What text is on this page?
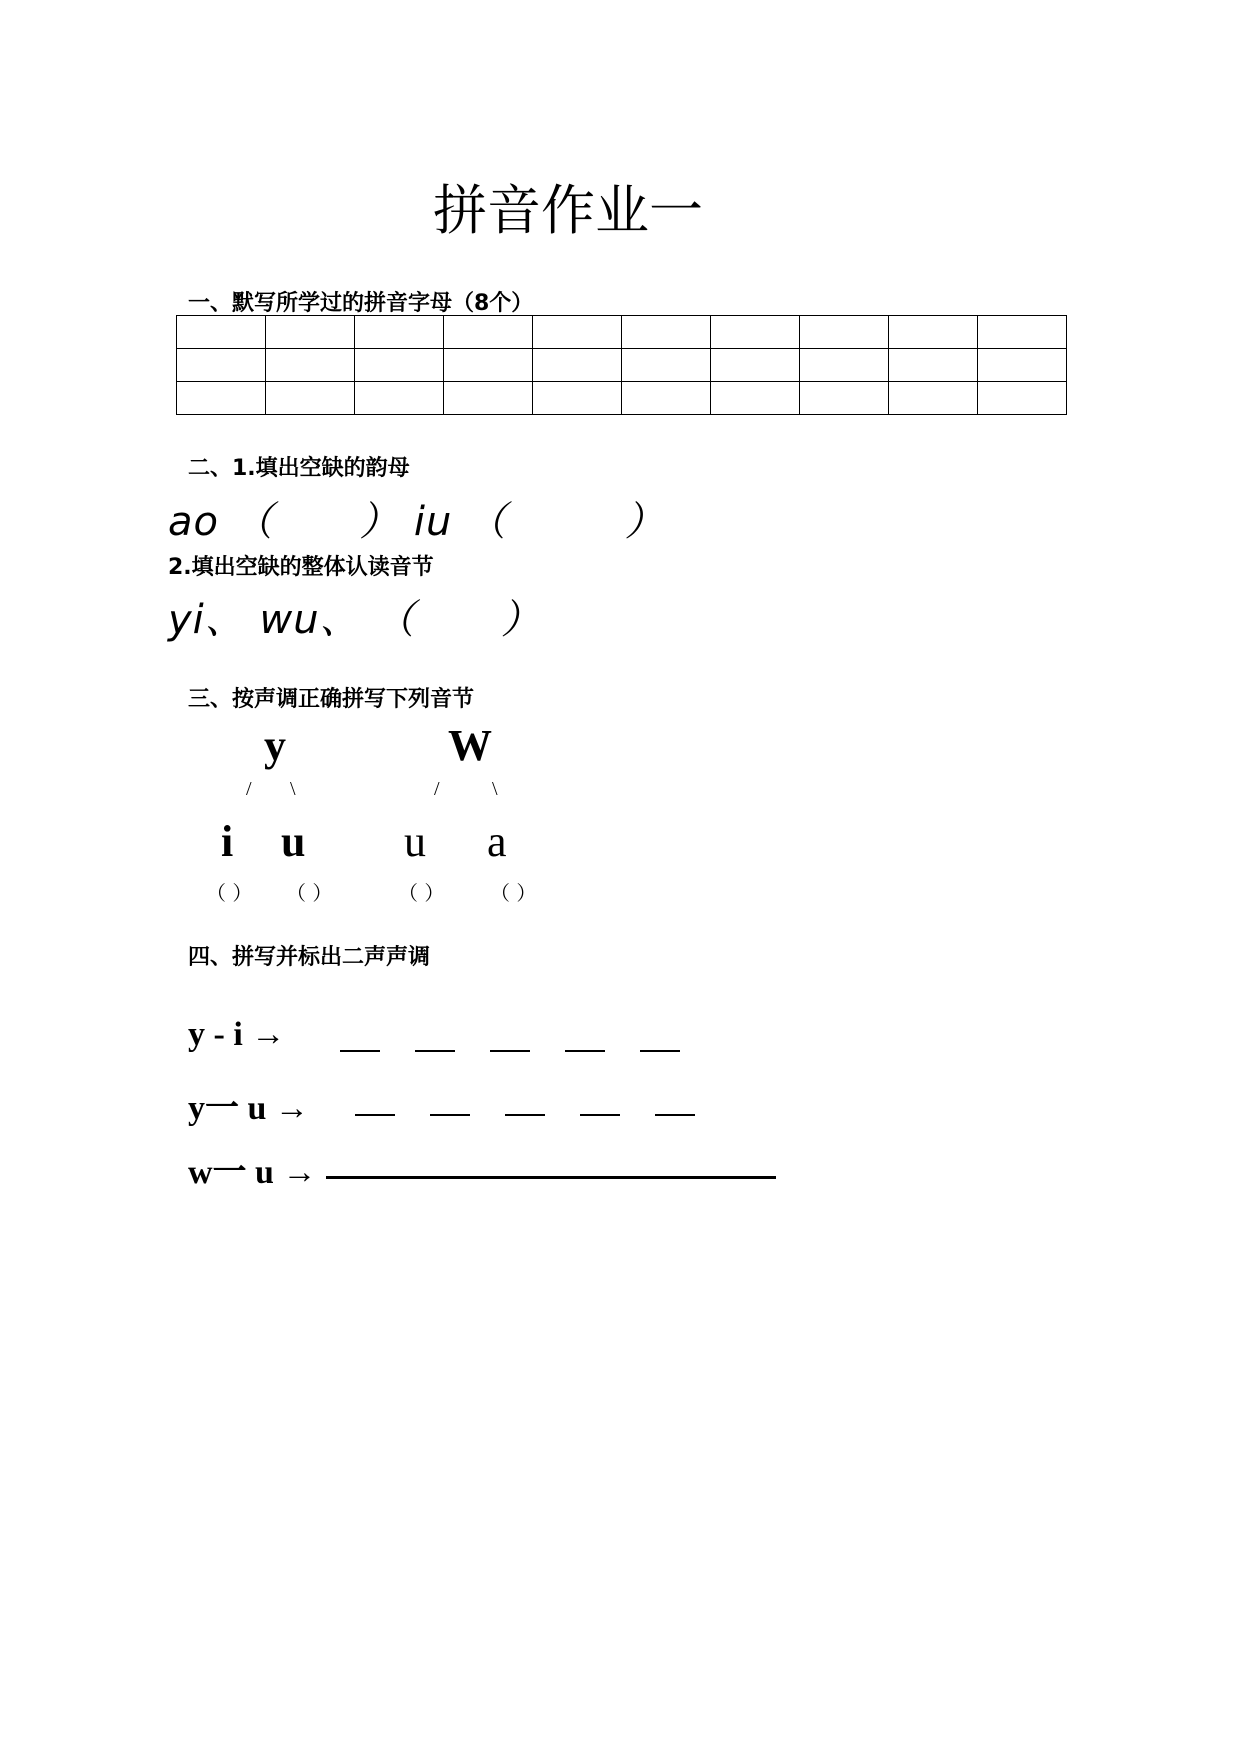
拼音作业一
一、默写所学过的拼音字母（8个）

二、1.填出空缺的韵母
ao （ ） iu （	）
2.填出空缺的整体认读音节
yi、 wu、 （ ）
三、按声调正确拼写下列音节
y
/ \
i u
（ ） （ ）
W
/	\
u a
（ ） （ ）
四、拼写并标出二声声调
y - i →
y一 u →
w一 u →
